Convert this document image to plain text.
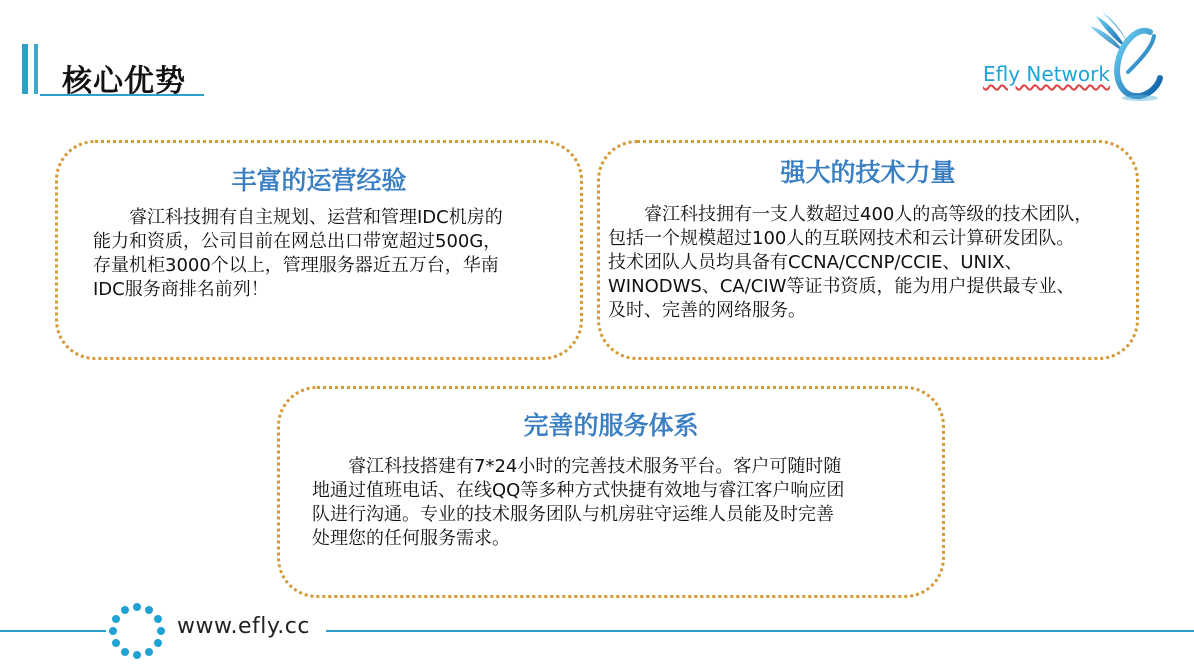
核心优势	Efly Network
丰富的运营经验

　　睿江科技拥有自主规划、运营和管理IDC机房的

能力和资质，公司目前在网总出口带宽超过500G，

存量机柜3000个以上，管理服务器近五万台，华南

IDC服务商排名前列！

强大的技术力量

　　睿江科技拥有一支人数超过400人的高等级的技术团队，

包括一个规模超过100人的互联网技术和云计算研发团队。

技术团队人员均具备有CCNA/CCNP/CCIE、UNIX、

WINODWS、CA/CIW等证书资质，能为用户提供最专业、

及时、完善的网络服务。

完善的服务体系

　　睿江科技搭建有7*24小时的完善技术服务平台。客户可随时随

地通过值班电话、在线QQ等多种方式快捷有效地与睿江客户响应团

队进行沟通。专业的技术服务团队与机房驻守运维人员能及时完善

处理您的任何服务需求。

www.efly.cc
